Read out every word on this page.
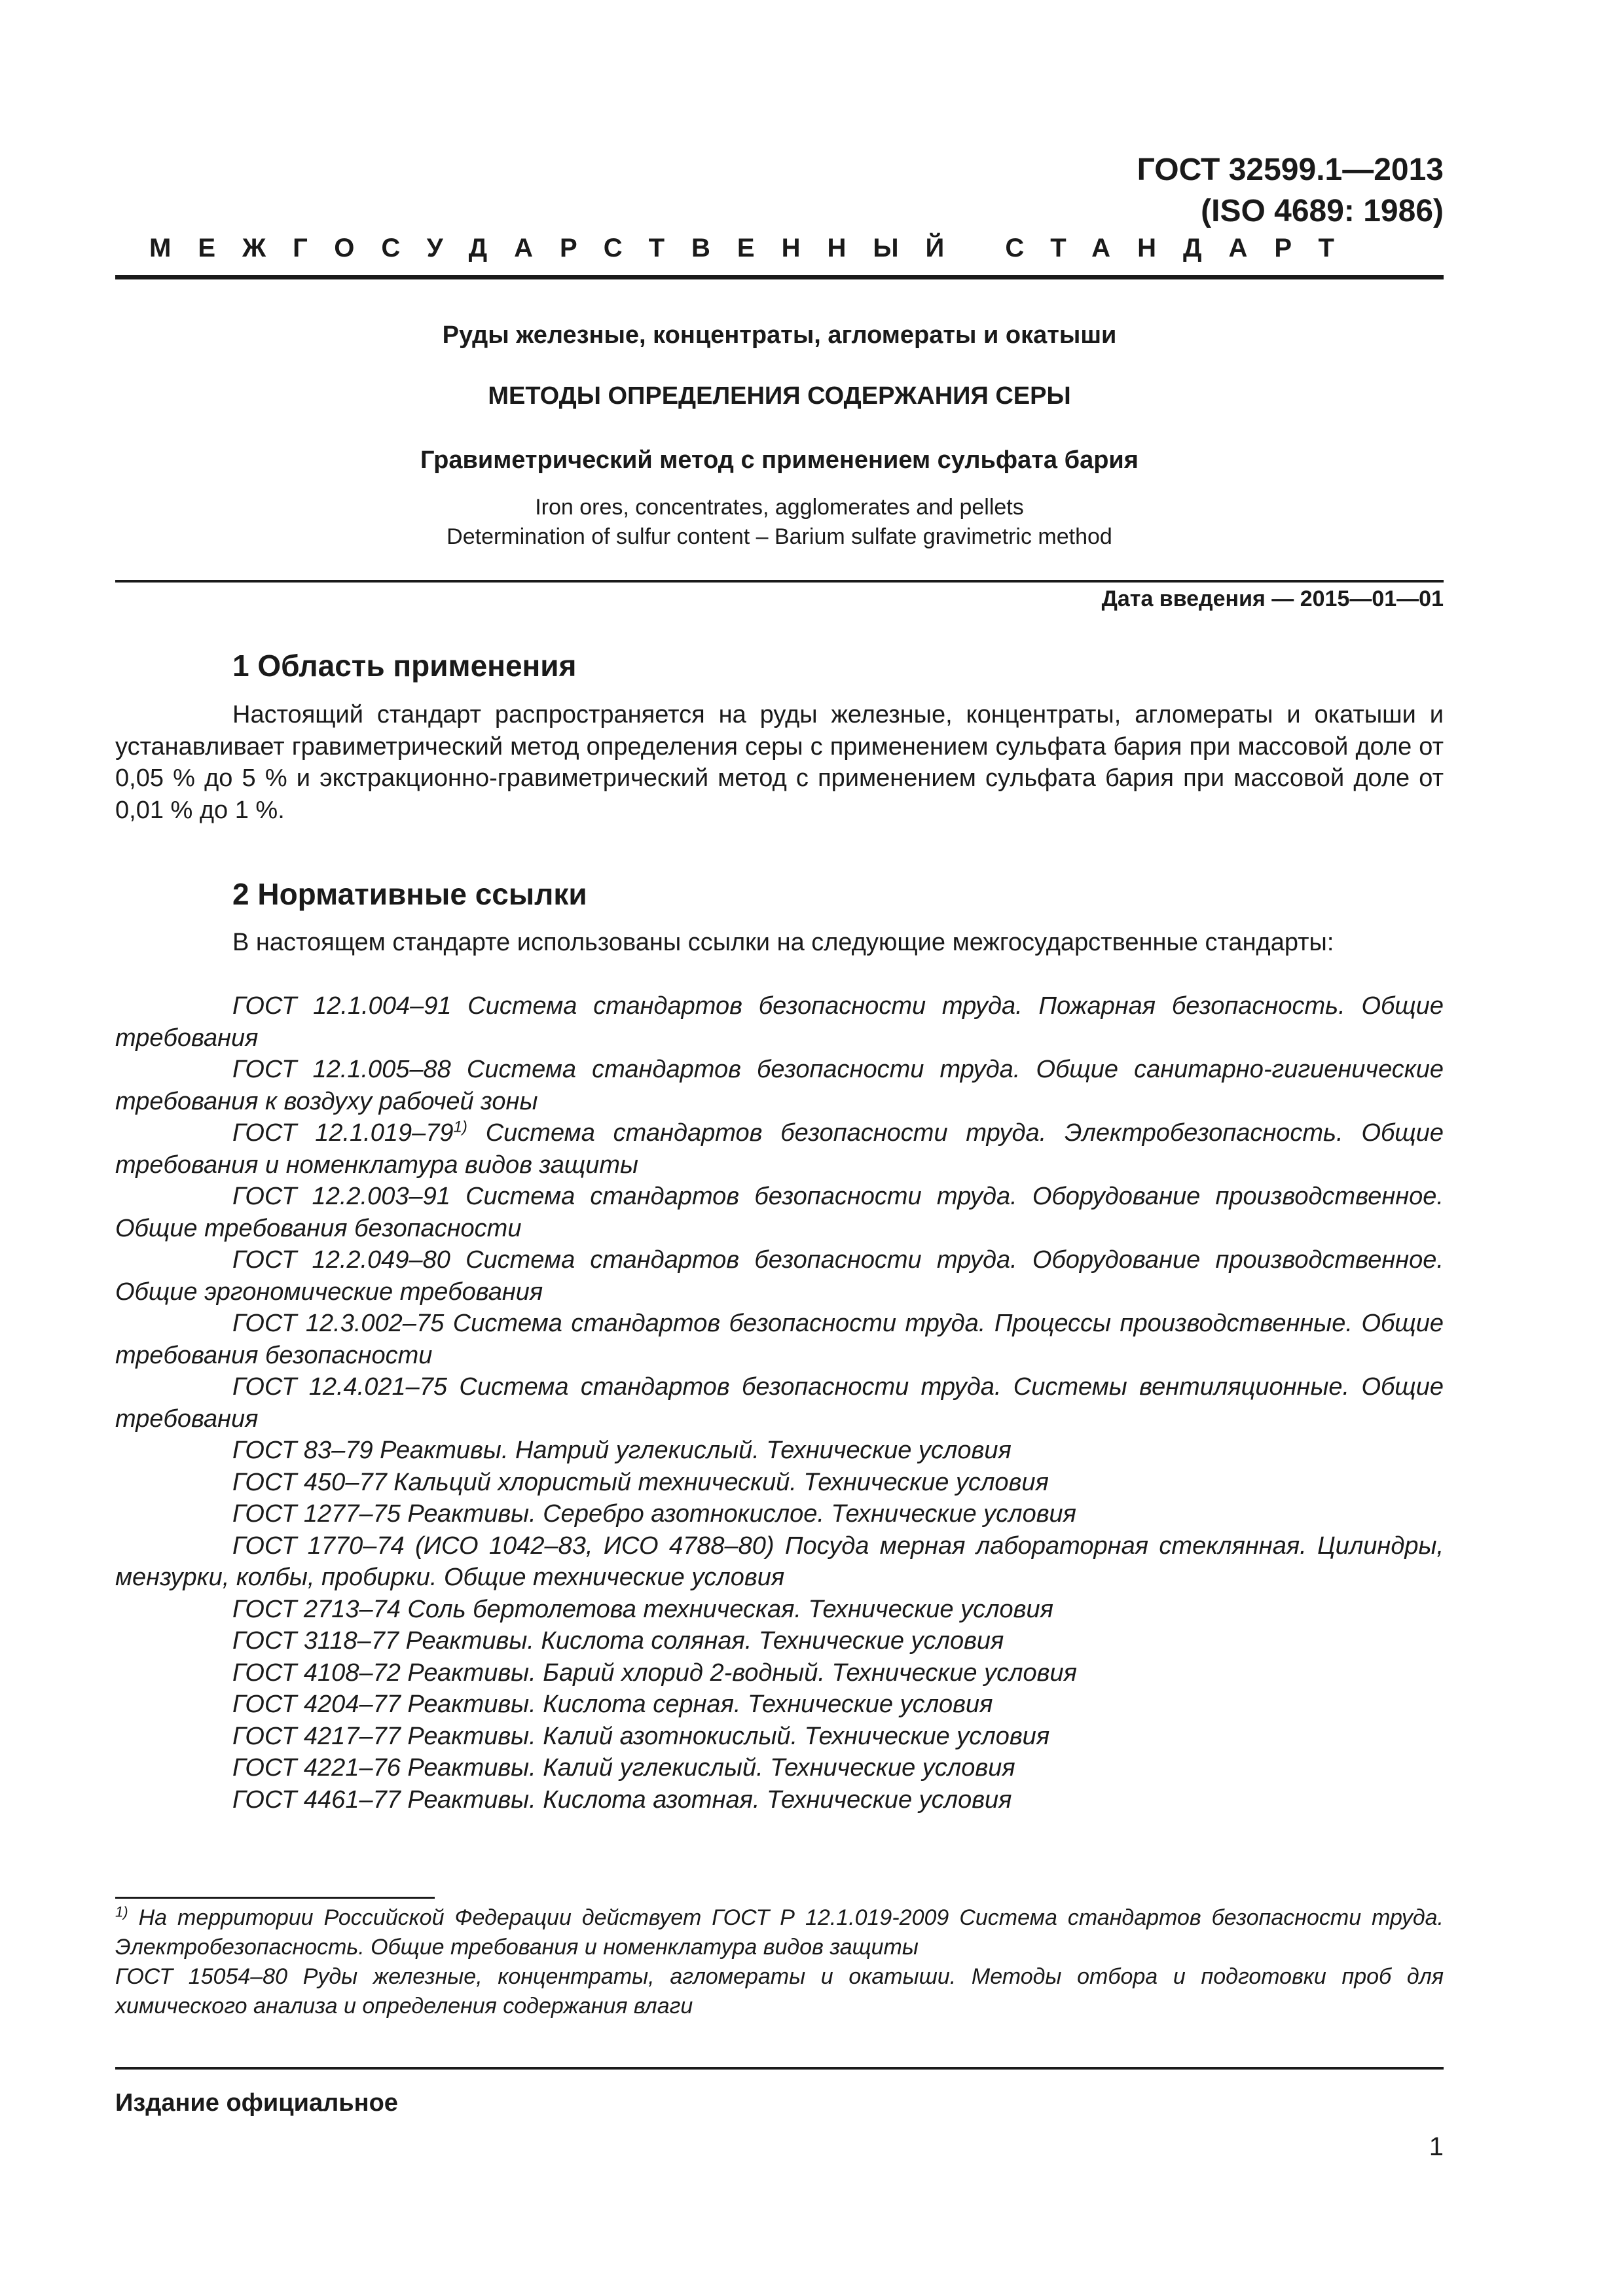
ГОСТ 32599.1—2013
(ISO 4689: 1986)
МЕЖГОСУДАРСТВЕННЫЙ СТАНДАРТ
Руды железные, концентраты, агломераты и окатыши
МЕТОДЫ ОПРЕДЕЛЕНИЯ СОДЕРЖАНИЯ СЕРЫ
Гравиметрический метод с применением сульфата бария
Iron ores, concentrates, agglomerates and pellets
Determination of sulfur content – Barium sulfate gravimetric method
Дата введения — 2015—01—01
1 Область применения
Настоящий стандарт распространяется на руды железные, концентраты, агломераты и окатыши и устанавливает гравиметрический метод определения серы с применением сульфата бария при массовой доле от 0,05 % до 5 % и экстракционно-гравиметрический метод с применением сульфата бария при массовой доле от 0,01 % до 1 %.
2 Нормативные ссылки
В настоящем стандарте использованы ссылки на следующие межгосударственные стандарты:

ГОСТ 12.1.004–91 Система стандартов безопасности труда. Пожарная безопасность. Общие требования

ГОСТ 12.1.005–88 Система стандартов безопасности труда. Общие санитарно-гигиенические требования к воздуху рабочей зоны

ГОСТ 12.1.019–79$^{1)}$ Система стандартов безопасности труда. Электробезопасность. Общие требования и номенклатура видов защиты

ГОСТ 12.2.003–91 Система стандартов безопасности труда. Оборудование производственное. Общие требования безопасности

ГОСТ 12.2.049–80 Система стандартов безопасности труда. Оборудование производственное. Общие эргономические требования

ГОСТ 12.3.002–75 Система стандартов безопасности труда. Процессы производственные. Общие требования безопасности

ГОСТ 12.4.021–75 Система стандартов безопасности труда. Системы вентиляционные. Общие требования

ГОСТ 83–79 Реактивы. Натрий углекислый. Технические условия

ГОСТ 450–77 Кальций хлористый технический. Технические условия

ГОСТ 1277–75 Реактивы. Серебро азотнокислое. Технические условия

ГОСТ 1770–74 (ИСО 1042–83, ИСО 4788–80) Посуда мерная лабораторная стеклянная. Цилиндры, мензурки, колбы, пробирки. Общие технические условия

ГОСТ 2713–74 Соль бертолетова техническая. Технические условия

ГОСТ 3118–77 Реактивы. Кислота соляная. Технические условия

ГОСТ 4108–72 Реактивы. Барий хлорид 2-водный. Технические условия

ГОСТ 4204–77 Реактивы. Кислота серная. Технические условия

ГОСТ 4217–77 Реактивы. Калий азотнокислый. Технические условия

ГОСТ 4221–76 Реактивы. Калий углекислый. Технические условия

ГОСТ 4461–77 Реактивы. Кислота азотная. Технические условия

$^{1)}$ На территории Российской Федерации действует ГОСТ Р 12.1.019-2009 Система стандартов безопасности труда. Электробезопасность. Общие требования и номенклатура видов защиты

ГОСТ 15054–80 Руды железные, концентраты, агломераты и окатыши. Методы отбора и подготовки проб для химического анализа и определения содержания влаги

Издание официальное
1
